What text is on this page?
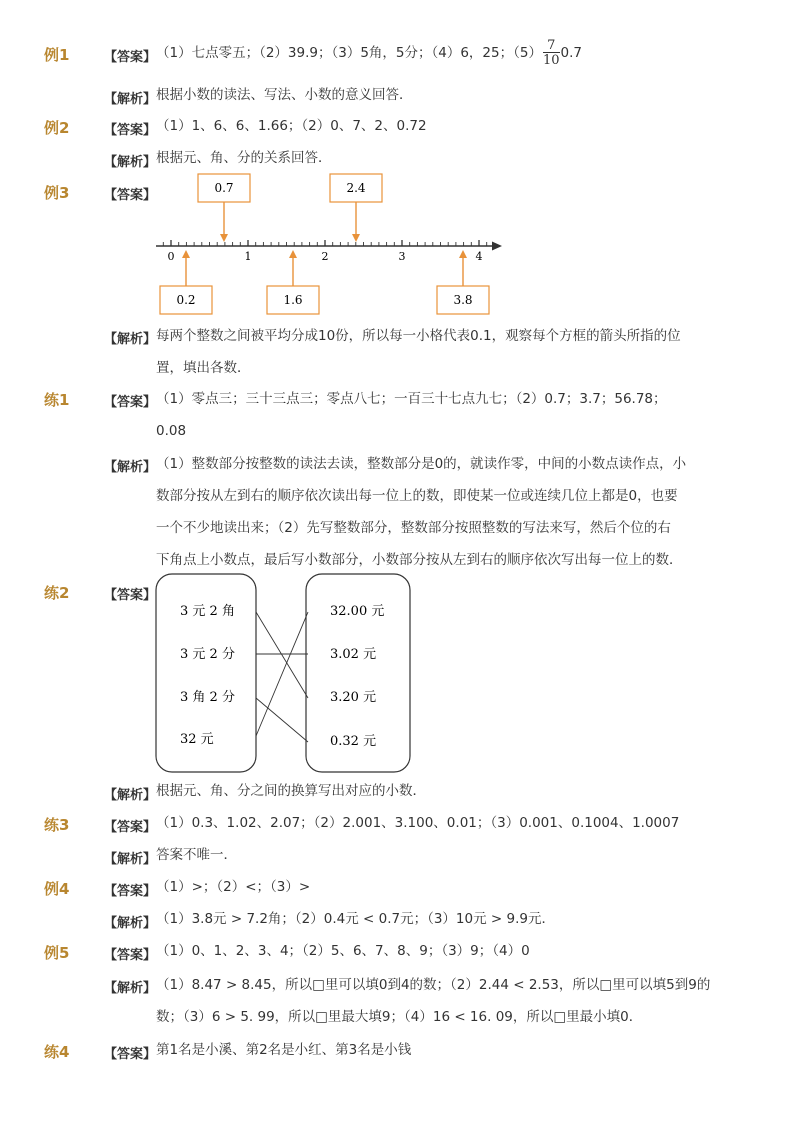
例1	【答案】 （1）七点零五；（2）39.9；（3）5角，5分；（4）6，25；$(5) \frac{7}{10} 0.7$
【解析】 根据小数的读法、写法、小数的意义回答．
例2	【答案】 （1）1、6、6、1.66；（2）0、7、2、0.72
【解析】 根据元、角、分的关系回答．
例3	【答案】
0	1	2	3	4
0.7	2.4
0.2	1.6	3.8
【解析】 每两个整数之间被平均分成10份，所以每一小格代表0.1，观察每个方框的箭头所指的位
置，填出各数．
练1	【答案】 （1）零点三；三十三点三；零点八七；一百三十七点九七；（2）0.7；3.7；56.78；
0.08
【解析】 （1）整数部分按整数的读法去读，整数部分是0的，就读作零，中间的小数点读作点，小
数部分按从左到右的顺序依次读出每一位上的数，即使某一位或连续几位上都是0，也要
一个不少地读出来；（2）先写整数部分，整数部分按照整数的写法来写，然后个位的右
下角点上小数点，最后写小数部分，小数部分按从左到右的顺序依次写出每一位上的数．
练2	【答案】
3 元 2 角
3 元 2 分
3 角 2 分
32 元
32.00 元
3.02 元
3.20 元
0.32 元
【解析】 根据元、角、分之间的换算写出对应的小数．
练3	【答案】 （1）0.3、1.02、2.07；（2）2.001、3.100、0.01；（3）0.001、0.1004、1.0007
【解析】 答案不唯一．
例4	【答案】 （1）>；（2）<；（3）>
【解析】 （1）3.8元 > 7.2角；（2）0.4元 < 0.7元；（3）10元 > 9.9元．
例5	【答案】 （1）0、1、2、3、4；（2）5、6、7、8、9；（3）9；（4）0
【解析】 （1）8.47 > 8.45，所以□里可以填0到4的数；（2）2.44 < 2.53，所以□里可以填5到9的
数；（3）6 > 5. 99，所以□里最大填9；（4）16 < 16. 09，所以□里最小填0．
练4	【答案】 第1名是小溪、第2名是小红、第3名是小钱
